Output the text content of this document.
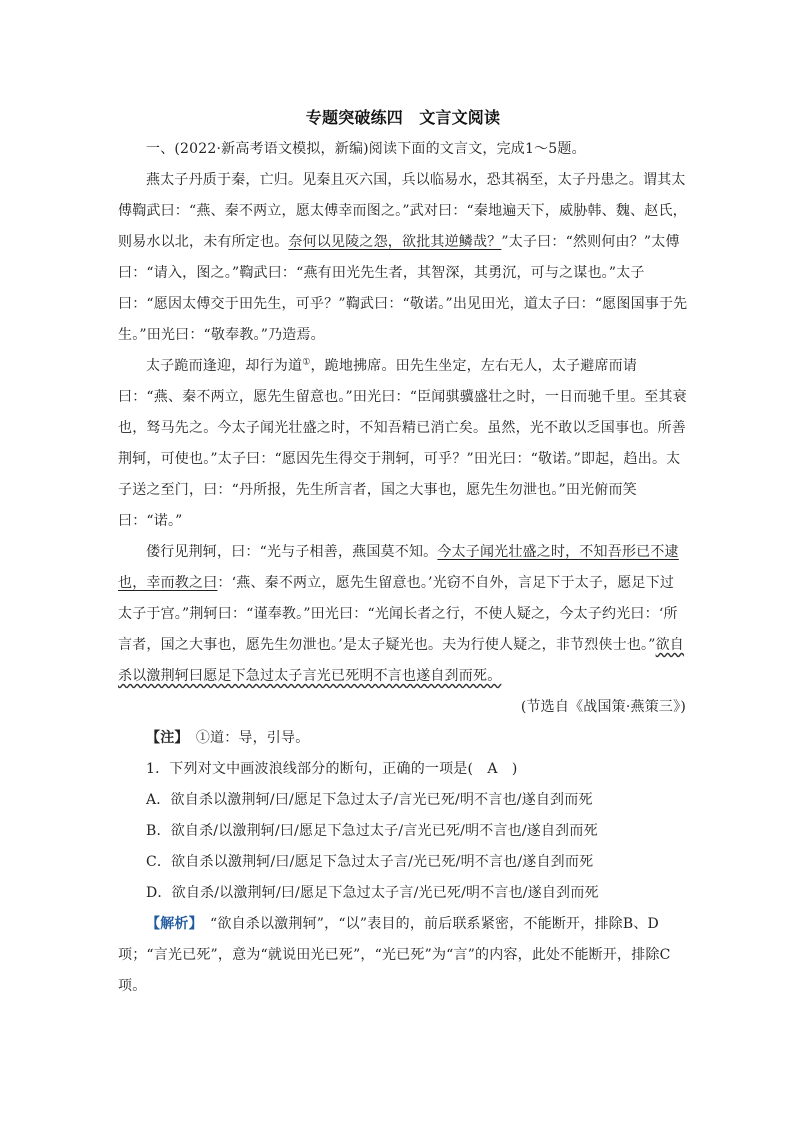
专题突破练四　文言文阅读

一、(2022·新高考语文模拟，新编)阅读下面的文言文，完成1～5题。

燕太子丹质于秦，亡归。见秦且灭六国，兵以临易水，恐其祸至，太子丹患之。谓其太傅鞫武曰：“燕、秦不两立，愿太傅幸而图之。”武对曰：“秦地遍天下，威胁韩、魏、赵氏，则易水以北，未有所定也。奈何以见陵之怨，欲批其逆鳞哉？”太子曰：“然则何由？”太傅曰：“请入，图之。”鞫武曰：“燕有田光先生者，其智深，其勇沉，可与之谋也。”太子曰：“愿因太傅交于田先生，可乎？”鞫武曰：“敬诺。”出见田光，道太子曰：“愿图国事于先生。”田光曰：“敬奉教。”乃造焉。

太子跪而逢迎，却行为道①，跪地拂席。田先生坐定，左右无人，太子避席而请曰：“燕、秦不两立，愿先生留意也。”田光曰：“臣闻骐骥盛壮之时，一日而驰千里。至其衰也，驽马先之。今太子闻光壮盛之时，不知吾精已消亡矣。虽然，光不敢以乏国事也。所善荆轲，可使也。”太子曰：“愿因先生得交于荆轲，可乎？”田光曰：“敬诺。”即起，趋出。太子送之至门，曰：“丹所报，先生所言者，国之大事也，愿先生勿泄也。”田光俯而笑曰：“诺。”

偻行见荆轲，曰：“光与子相善，燕国莫不知。今太子闻光壮盛之时，不知吾形已不逮也，幸而教之曰：‘燕、秦不两立，愿先生留意也。’光窃不自外，言足下于太子，愿足下过太子于宫。”荆轲曰：“谨奉教。”田光曰：“光闻长者之行，不使人疑之，今太子约光曰：‘所言者，国之大事也，愿先生勿泄也。’是太子疑光也。夫为行使人疑之，非节烈侠士也。”欲自杀以激荆轲曰愿足下急过太子言光已死明不言也遂自刭而死。

(节选自《战国策·燕策三》)

【注】　 ①道：导，引导。

1．下列对文中画波浪线部分的断句，正确的一项是(　A　)

A．欲自杀以激荆轲/曰/愿足下急过太子/言光已死/明不言也/遂自刭而死

B．欲自杀/以激荆轲/曰/愿足下急过太子/言光已死/明不言也/遂自刭而死

C．欲自杀以激荆轲/曰/愿足下急过太子言/光已死/明不言也/遂自刭而死

D．欲自杀/以激荆轲/曰/愿足下急过太子言/光已死/明不言也/遂自刭而死

【解析】　 “欲自杀以激荆轲”，“以”表目的，前后联系紧密，不能断开，排除B、D项；“言光已死”，意为“就说田光已死”，“光已死”为“言”的内容，此处不能断开，排除C项。
